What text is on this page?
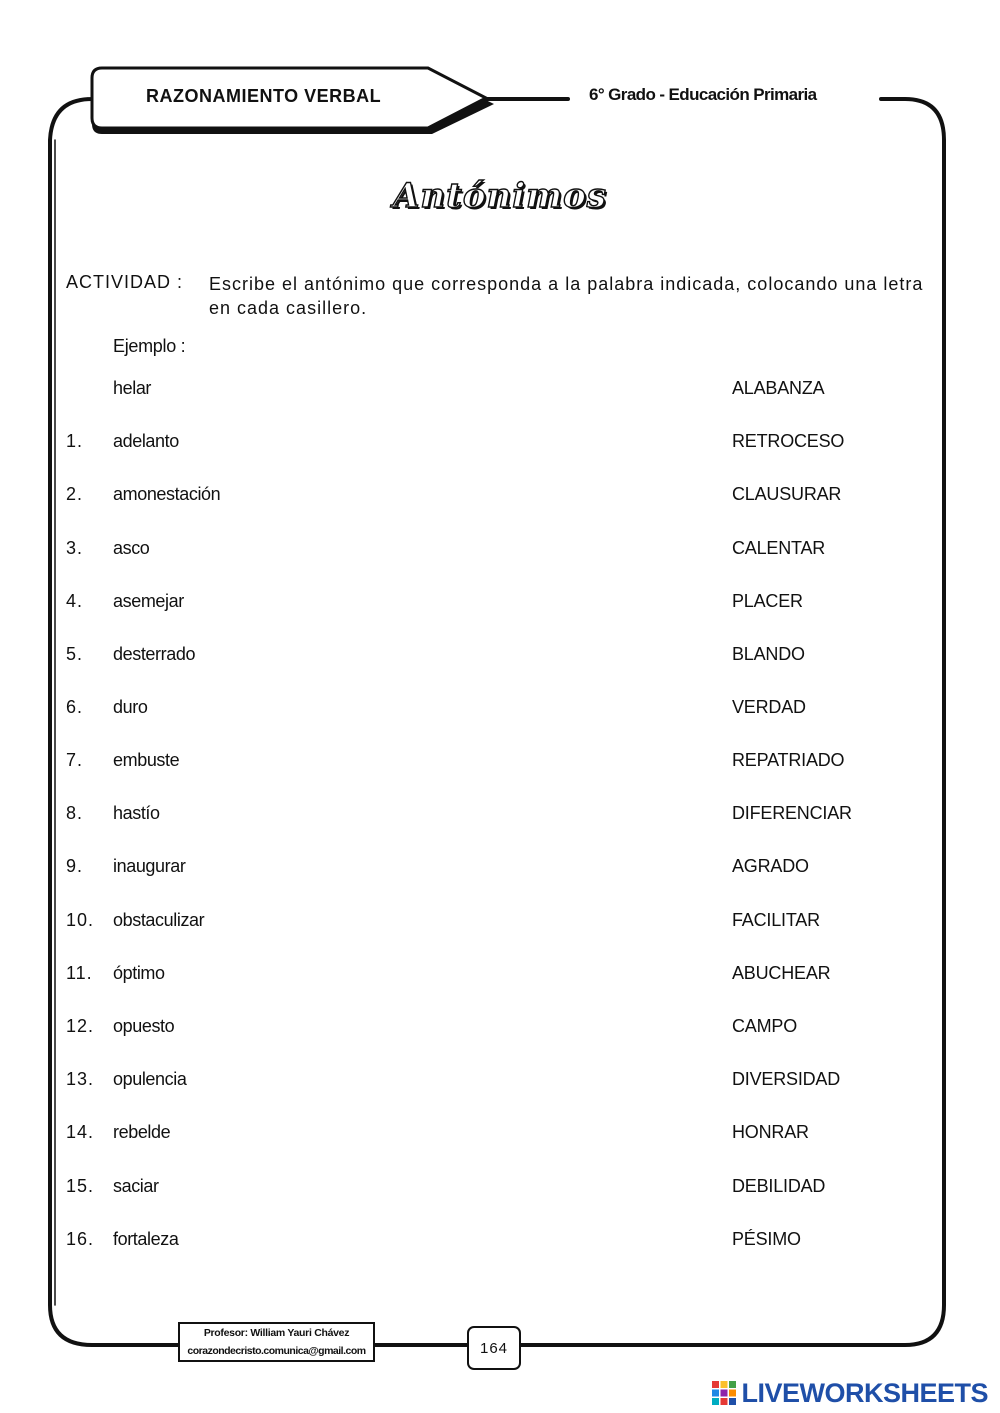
RAZONAMIENTO VERBAL	6° Grado - Educación Primaria
Antónimos
ACTIVIDAD : Escribe el antónimo que corresponda a la palabra indicada, colocando una letra en cada casillero.
Ejemplo :
helar	ALABANZA
1. adelanto	RETROCESO
2. amonestación	CLAUSURAR
3. asco	CALENTAR
4. asemejar	PLACER
5. desterrado	BLANDO
6. duro	VERDAD
7. embuste	REPATRIADO
8. hastío	DIFERENCIAR
9. inaugurar	AGRADO
10. obstaculizar	FACILITAR
11. óptimo	ABUCHEAR
12. opuesto	CAMPO
13. opulencia	DIVERSIDAD
14. rebelde	HONRAR
15. saciar	DEBILIDAD
16. fortaleza	PÉSIMO
Profesor: William Yauri Chávez
corazondecristo.comunica@gmail.com	164
LIVEWORKSHEETS
